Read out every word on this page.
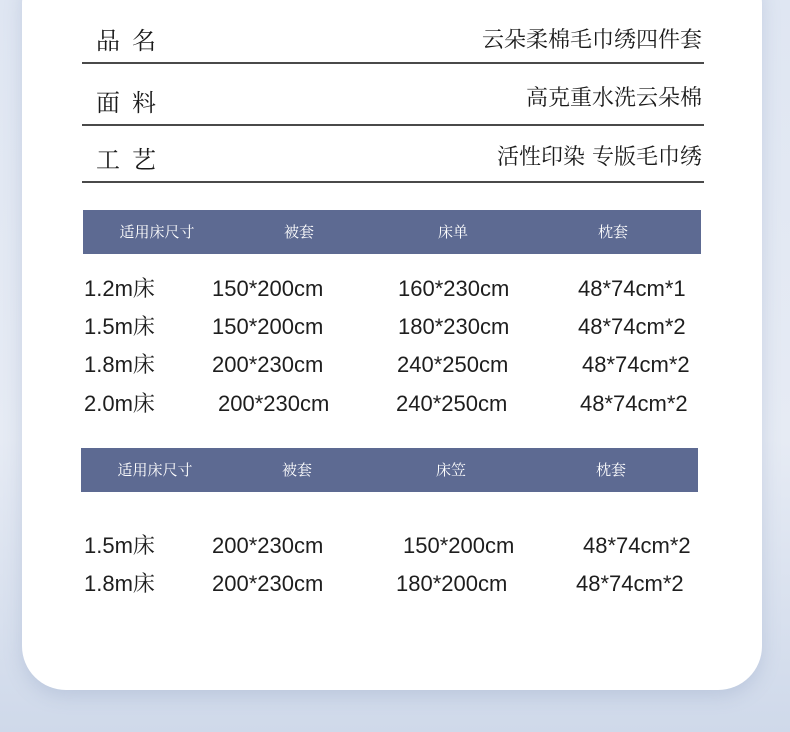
品名	云朵柔棉毛巾绣四件套
面料	高克重水洗云朵棉
工艺	活性印染 专版毛巾绣
适用床尺寸	被套	床单	枕套
1.2m床	150*200cm	160*230cm	48*74cm*1
1.5m床	150*200cm	180*230cm	48*74cm*2
1.8m床	200*230cm	240*250cm	48*74cm*2
2.0m床	200*230cm	240*250cm	48*74cm*2
适用床尺寸	被套	床笠	枕套
1.5m床	200*230cm	150*200cm	48*74cm*2
1.8m床	200*230cm	180*200cm	48*74cm*2
